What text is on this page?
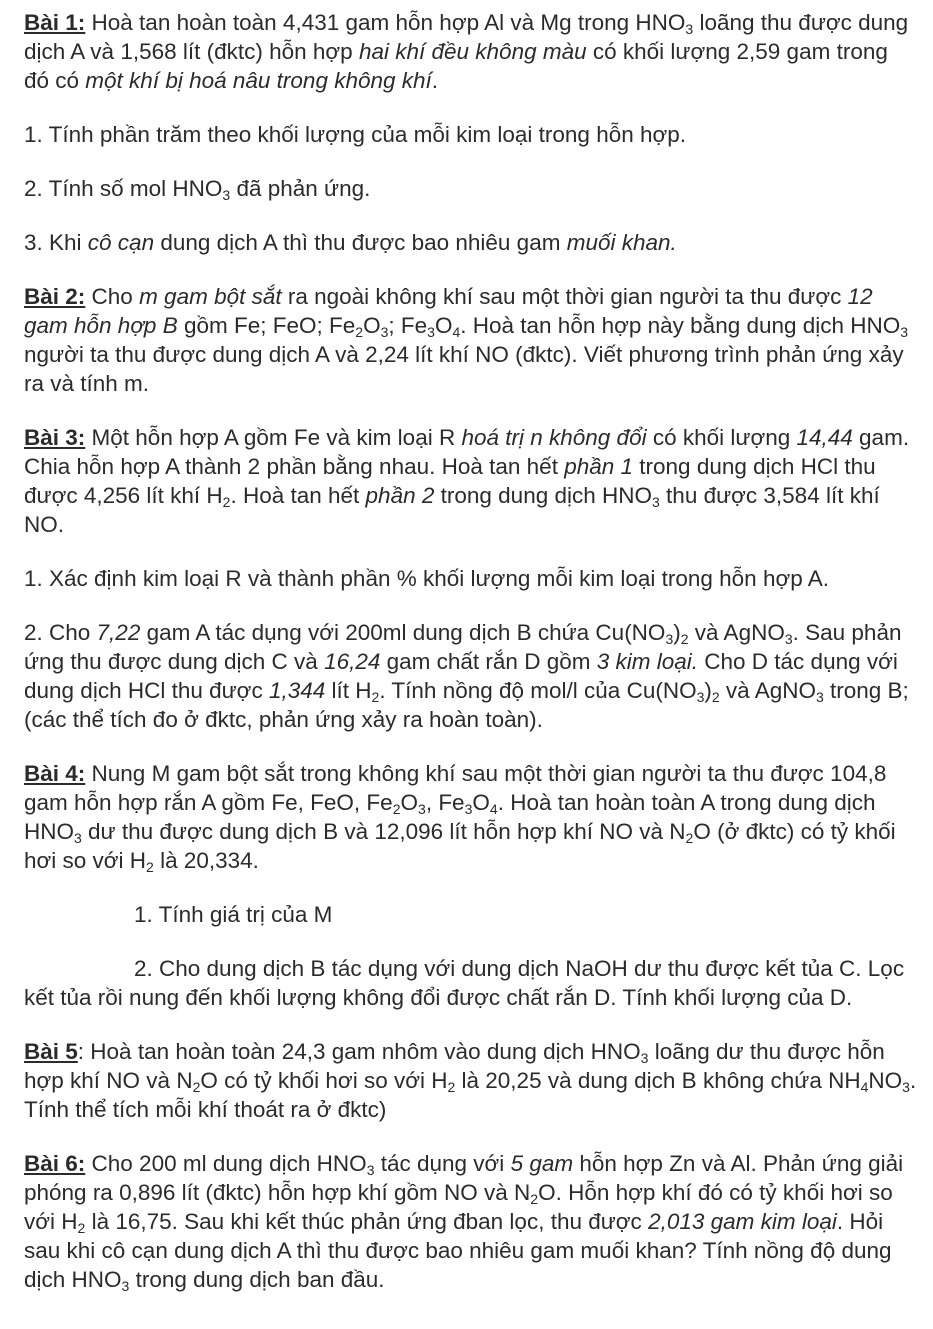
Bài 1: Hoà tan hoàn toàn 4,431 gam hỗn hợp Al và Mg trong $HNO_3$ loãng thu được dung dịch A và 1,568 lít (đktc) hỗn hợp hai khí đều không màu có khối lượng 2,59 gam trong đó có một khí bị hoá nâu trong không khí.

1. Tính phần trăm theo khối lượng của mỗi kim loại trong hỗn hợp.

2. Tính số mol $HNO_3$ đã phản ứng.

3. Khi cô cạn dung dịch A thì thu được bao nhiêu gam muối khan.

Bài 2: Cho m gam bột sắt ra ngoài không khí sau một thời gian người ta thu được 12 gam hỗn hợp B gồm Fe; FeO; $Fe_2O_3$; $Fe_3O_4$. Hoà tan hỗn hợp này bằng dung dịch $HNO_3$ người ta thu được dung dịch A và 2,24 lít khí NO (đktc). Viết phương trình phản ứng xảy ra và tính m.

Bài 3: Một hỗn hợp A gồm Fe và kim loại R hoá trị n không đổi có khối lượng 14,44 gam. Chia hỗn hợp A thành 2 phần bằng nhau. Hoà tan hết phần 1 trong dung dịch HCl thu được 4,256 lít khí $H_2$. Hoà tan hết phần 2 trong dung dịch $HNO_3$ thu được 3,584 lít khí NO.

1. Xác định kim loại R và thành phần % khối lượng mỗi kim loại trong hỗn hợp A.

2. Cho 7,22 gam A tác dụng với 200ml dung dịch B chứa $Cu(NO_3)_2$ và AgNO$_3$. Sau phản ứng thu được dung dịch C và 16,24 gam chất rắn D gồm 3 kim loại. Cho D tác dụng với dung dịch HCl thu được 1,344 lít $H_2$. Tính nồng độ mol/l của $Cu(NO_3)_2$ và AgNO$_3$ trong B; (các thể tích đo ở đktc, phản ứng xảy ra hoàn toàn).

Bài 4: Nung M gam bột sắt trong không khí sau một thời gian người ta thu được 104,8 gam hỗn hợp rắn A gồm Fe, FeO, $Fe_2O_3$, $Fe_3O_4$. Hoà tan hoàn toàn A trong dung dịch $HNO_3$ dư thu được dung dịch B và 12,096 lít hỗn hợp khí NO và $N_2O$ (ở đktc) có tỷ khối hơi so với $H_2$ là 20,334.

1. Tính giá trị của M

2. Cho dung dịch B tác dụng với dung dịch NaOH dư thu được kết tủa C. Lọc kết tủa rồi nung đến khối lượng không đổi được chất rắn D. Tính khối lượng của D.

Bài 5: Hoà tan hoàn toàn 24,3 gam nhôm vào dung dịch $HNO_3$ loãng dư thu được hỗn hợp khí NO và $N_2O$ có tỷ khối hơi so với $H_2$ là 20,25 và dung dịch B không chứa $NH_4NO_3$. Tính thể tích mỗi khí thoát ra ở đktc)

Bài 6: Cho 200 ml dung dịch $HNO_3$ tác dụng với 5 gam hỗn hợp Zn và Al. Phản ứng giải phóng ra 0,896 lít (đktc) hỗn hợp khí gồm NO và $N_2O$. Hỗn hợp khí đó có tỷ khối hơi so với $H_2$ là 16,75. Sau khi kết thúc phản ứng đban lọc, thu được 2,013 gam kim loại. Hỏi sau khi cô cạn dung dịch A thì thu được bao nhiêu gam muối khan? Tính nồng độ dung dịch $HNO_3$ trong dung dịch ban đầu.
